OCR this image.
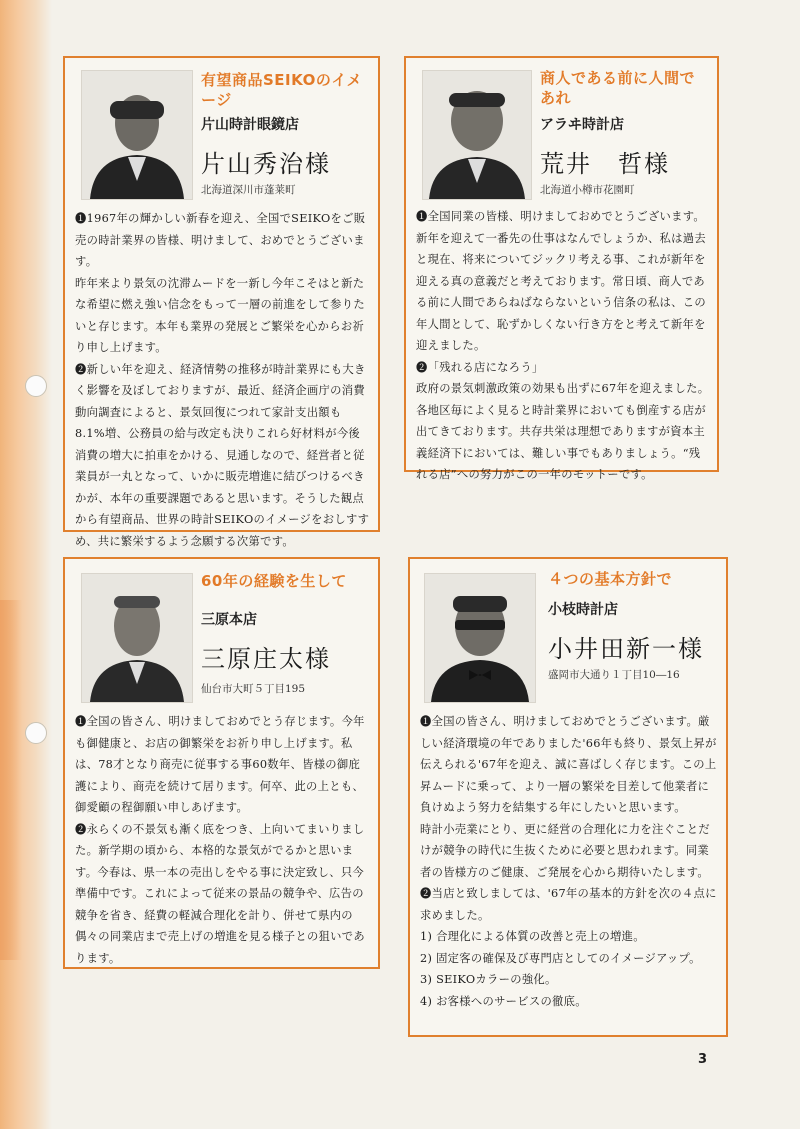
有望商品SEIKOのイメージ
片山時計眼鏡店
片山秀治様
北海道深川市蓬莱町

❶1967年の輝かしい新春を迎え、全国でSEIKOをご販売の時計業界の皆様、明けまして、おめでとうございます。

昨年来より景気の沈滞ムードを一新し今年こそはと新たな希望に燃え強い信念をもって一層の前進をして参りたいと存じます。本年も業界の発展とご繁栄を心からお祈り申し上げます。

❷新しい年を迎え、経済情勢の推移が時計業界にも大きく影響を及ぼしておりますが、最近、経済企画庁の消費動向調査によると、景気回復につれて家計支出額も8.1%増、公務員の給与改定も決りこれら好材料が今後消費の増大に拍車をかける、見通しなので、経営者と従業員が一丸となって、いかに販売増進に結びつけるべきかが、本年の重要課題であると思います。そうした観点から有望商品、世界の時計SEIKOのイメージをおしすすめ、共に繁栄するよう念願する次第です。

商人である前に人間であれ
アラヰ時計店
荒井　哲様
北海道小樽市花園町

❶全国同業の皆様、明けましておめでとうございます。新年を迎えて一番先の仕事はなんでしょうか、私は過去と現在、将来についてジックリ考える事、これが新年を迎える真の意義だと考えております。常日頃、商人である前に人間であらねばならないという信条の私は、この年人間として、恥ずかしくない行き方をと考えて新年を迎えました。

❷「残れる店になろう」

政府の景気刺激政策の効果も出ずに67年を迎えました。各地区毎によく見ると時計業界においても倒産する店が出てきております。共存共栄は理想でありますが資本主義経済下においては、難しい事でもありましょう。“残れる店”への努力がこの一年のモットーです。

60年の経験を生して
三原本店
三原庄太様
仙台市大町５丁目195

❶全国の皆さん、明けましておめでとう存じます。今年も御健康と、お店の御繁栄をお祈り申し上げます。私は、78才となり商売に従事する事60数年、皆様の御庇護により、商売を続けて居ります。何卒、此の上とも、御愛顧の程御願い申しあげます。

❷永らくの不景気も漸く底をつき、上向いてまいりました。新学期の頃から、本格的な景気がでるかと思います。今春は、県一本の売出しをやる事に決定致し、只今準備中です。これによって従来の景品の競争や、広告の競争を省き、経費の軽減合理化を計り、併せて県内の偶々の同業店まで売上げの増進を見る様子との狙いであります。

４つの基本方針で
小枝時計店
小井田新一様
盛岡市大通り１丁目10―16

❶全国の皆さん、明けましておめでとうございます。厳しい経済環境の年でありました'66年も終り、景気上昇が伝えられる'67年を迎え、誠に喜ばしく存じます。この上昇ムードに乗って、より一層の繁栄を目差して他業者に負けぬよう努力を結集する年にしたいと思います。

時計小売業にとり、更に経営の合理化に力を注ぐことだけが競争の時代に生抜くために必要と思われます。同業者の皆様方のご健康、ご発展を心から期待いたします。

❷当店と致しましては、'67年の基本的方針を次の４点に求めました。

1) 合理化による体質の改善と売上の増進。

2) 固定客の確保及び専門店としてのイメージアップ。

3) SEIKOカラーの強化。

4) お客様へのサービスの徹底。

3
